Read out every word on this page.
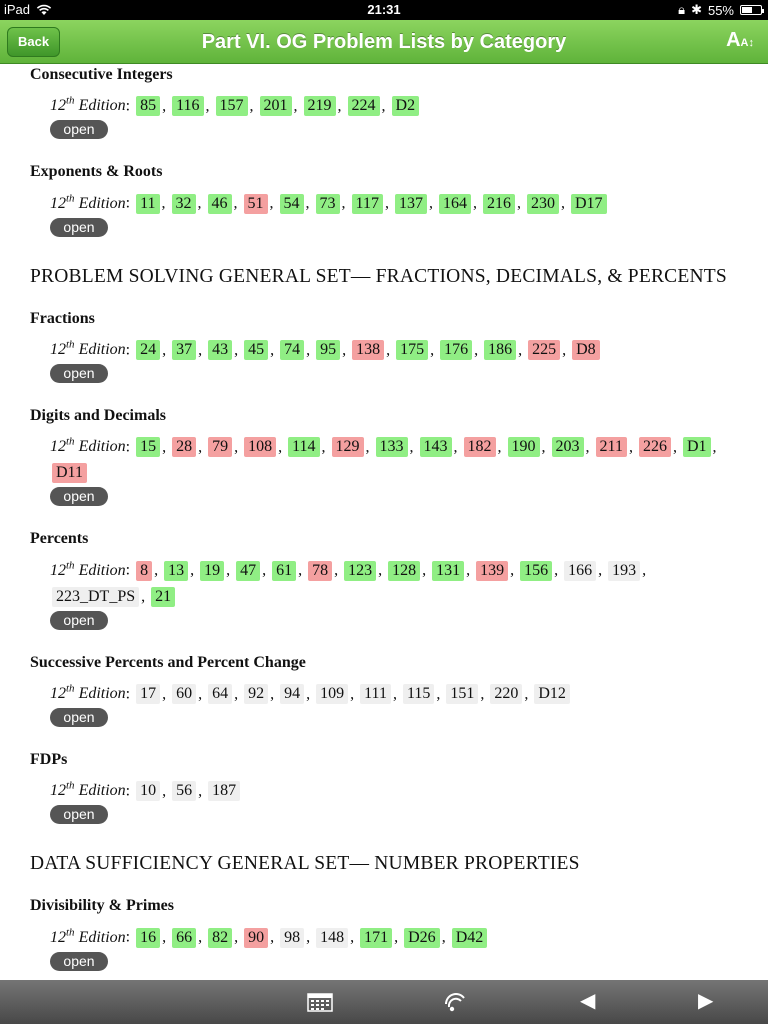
iPad	21:31	🔒︎ ✱ 55%
Back	Part VI. OG Problem Lists by Category	AA↕
Consecutive Integers
12th Edition: 85 , 116 , 157 , 201 , 219 , 224 , D2
open
Exponents & Roots
12th Edition: 11 , 32 , 46 , 51 , 54 , 73 , 117 , 137 , 164 , 216 , 230 , D17
open
PROBLEM SOLVING GENERAL SET— FRACTIONS, DECIMALS, & PERCENTS
Fractions
12th Edition: 24 , 37 , 43 , 45 , 74 , 95 , 138 , 175 , 176 , 186 , 225 , D8
open
Digits and Decimals
12th Edition: 15 , 28 , 79 , 108 , 114 , 129 , 133 , 143 , 182 , 190 , 203 , 211 , 226 , D1 , D11
open
Percents
12th Edition: 8 , 13 , 19 , 47 , 61 , 78 , 123 , 128 , 131 , 139 , 156 , 166 , 193 , 223_DT_PS , 21
open
Successive Percents and Percent Change
12th Edition: 17 , 60 , 64 , 92 , 94 , 109 , 111 , 115 , 151 , 220 , D12
open
FDPs
12th Edition: 10 , 56 , 187
open
DATA SUFFICIENCY GENERAL SET— NUMBER PROPERTIES
Divisibility & Primes
12th Edition: 16 , 66 , 82 , 90 , 98 , 148 , 171 , D26 , D42
open
◀	▶
